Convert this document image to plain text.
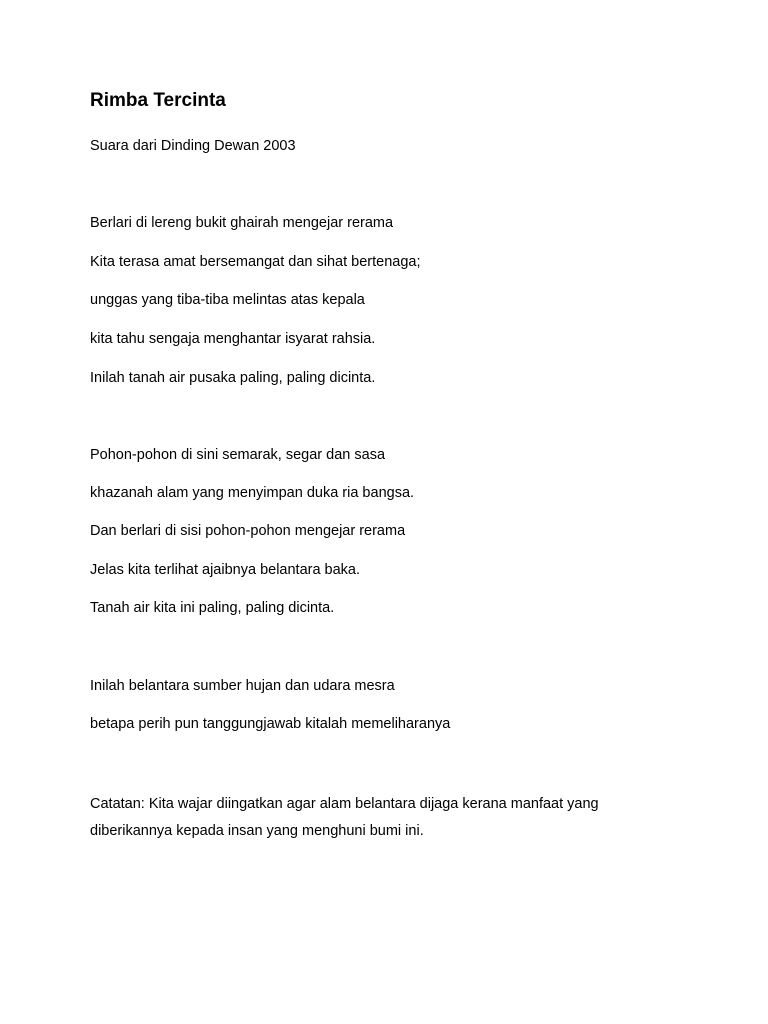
Rimba Tercinta
Suara dari Dinding Dewan 2003
Berlari di lereng bukit ghairah mengejar rerama
Kita terasa amat bersemangat dan sihat bertenaga;
unggas yang tiba-tiba melintas atas kepala
kita tahu sengaja menghantar isyarat rahsia.
Inilah tanah air pusaka paling, paling dicinta.
Pohon-pohon di sini semarak, segar dan sasa
khazanah alam yang menyimpan duka ria bangsa.
Dan berlari di sisi pohon-pohon mengejar rerama
Jelas kita terlihat ajaibnya belantara baka.
Tanah air kita ini paling, paling dicinta.
Inilah belantara sumber hujan dan udara mesra
betapa perih pun tanggungjawab kitalah memeliharanya
Catatan: Kita wajar diingatkan agar alam belantara dijaga kerana manfaat yang diberikannya kepada insan yang menghuni bumi ini.
